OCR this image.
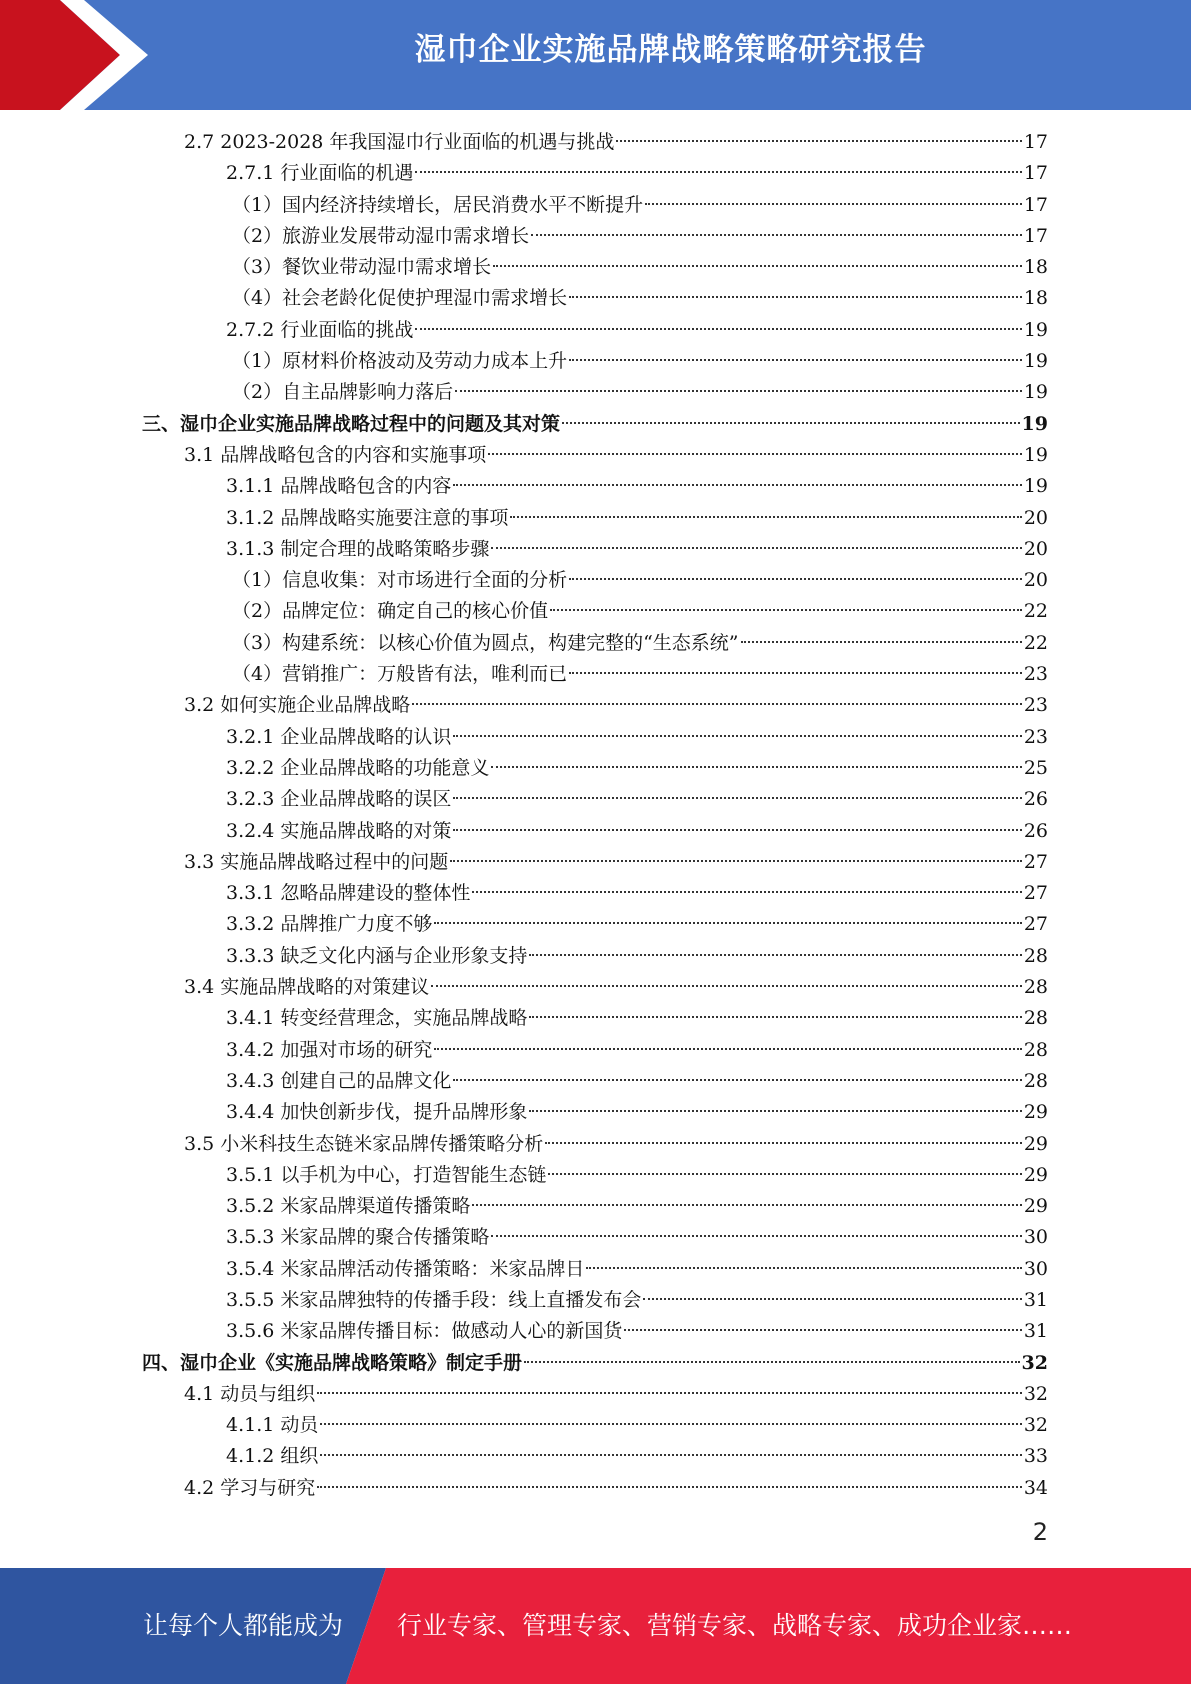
湿巾企业实施品牌战略策略研究报告
2.7 2023-2028 年我国湿巾行业面临的机遇与挑战	17
2.7.1 行业面临的机遇	17
（1）国内经济持续增长，居民消费水平不断提升	17
（2）旅游业发展带动湿巾需求增长	17
（3）餐饮业带动湿巾需求增长	18
（4）社会老龄化促使护理湿巾需求增长	18
2.7.2 行业面临的挑战	19
（1）原材料价格波动及劳动力成本上升	19
（2）自主品牌影响力落后	19
三、湿巾企业实施品牌战略过程中的问题及其对策	19
3.1 品牌战略包含的内容和实施事项	19
3.1.1 品牌战略包含的内容	19
3.1.2 品牌战略实施要注意的事项	20
3.1.3 制定合理的战略策略步骤	20
（1）信息收集：对市场进行全面的分析	20
（2）品牌定位：确定自己的核心价值	22
（3）构建系统：以核心价值为圆点，构建完整的“生态系统”	22
（4）营销推广：万般皆有法，唯利而已	23
3.2 如何实施企业品牌战略	23
3.2.1 企业品牌战略的认识	23
3.2.2 企业品牌战略的功能意义	25
3.2.3 企业品牌战略的误区	26
3.2.4 实施品牌战略的对策	26
3.3 实施品牌战略过程中的问题	27
3.3.1 忽略品牌建设的整体性	27
3.3.2 品牌推广力度不够	27
3.3.3 缺乏文化内涵与企业形象支持	28
3.4 实施品牌战略的对策建议	28
3.4.1 转变经营理念，实施品牌战略	28
3.4.2 加强对市场的研究	28
3.4.3 创建自己的品牌文化	28
3.4.4 加快创新步伐，提升品牌形象	29
3.5 小米科技生态链米家品牌传播策略分析	29
3.5.1 以手机为中心，打造智能生态链	29
3.5.2 米家品牌渠道传播策略	29
3.5.3 米家品牌的聚合传播策略	30
3.5.4 米家品牌活动传播策略：米家品牌日	30
3.5.5 米家品牌独特的传播手段：线上直播发布会	31
3.5.6 米家品牌传播目标：做感动人心的新国货	31
四、湿巾企业《实施品牌战略策略》制定手册	32
4.1 动员与组织	32
4.1.1 动员	32
4.1.2 组织	33
4.2 学习与研究	34
2
让每个人都能成为 行业专家、管理专家、营销专家、战略专家、成功企业家……
